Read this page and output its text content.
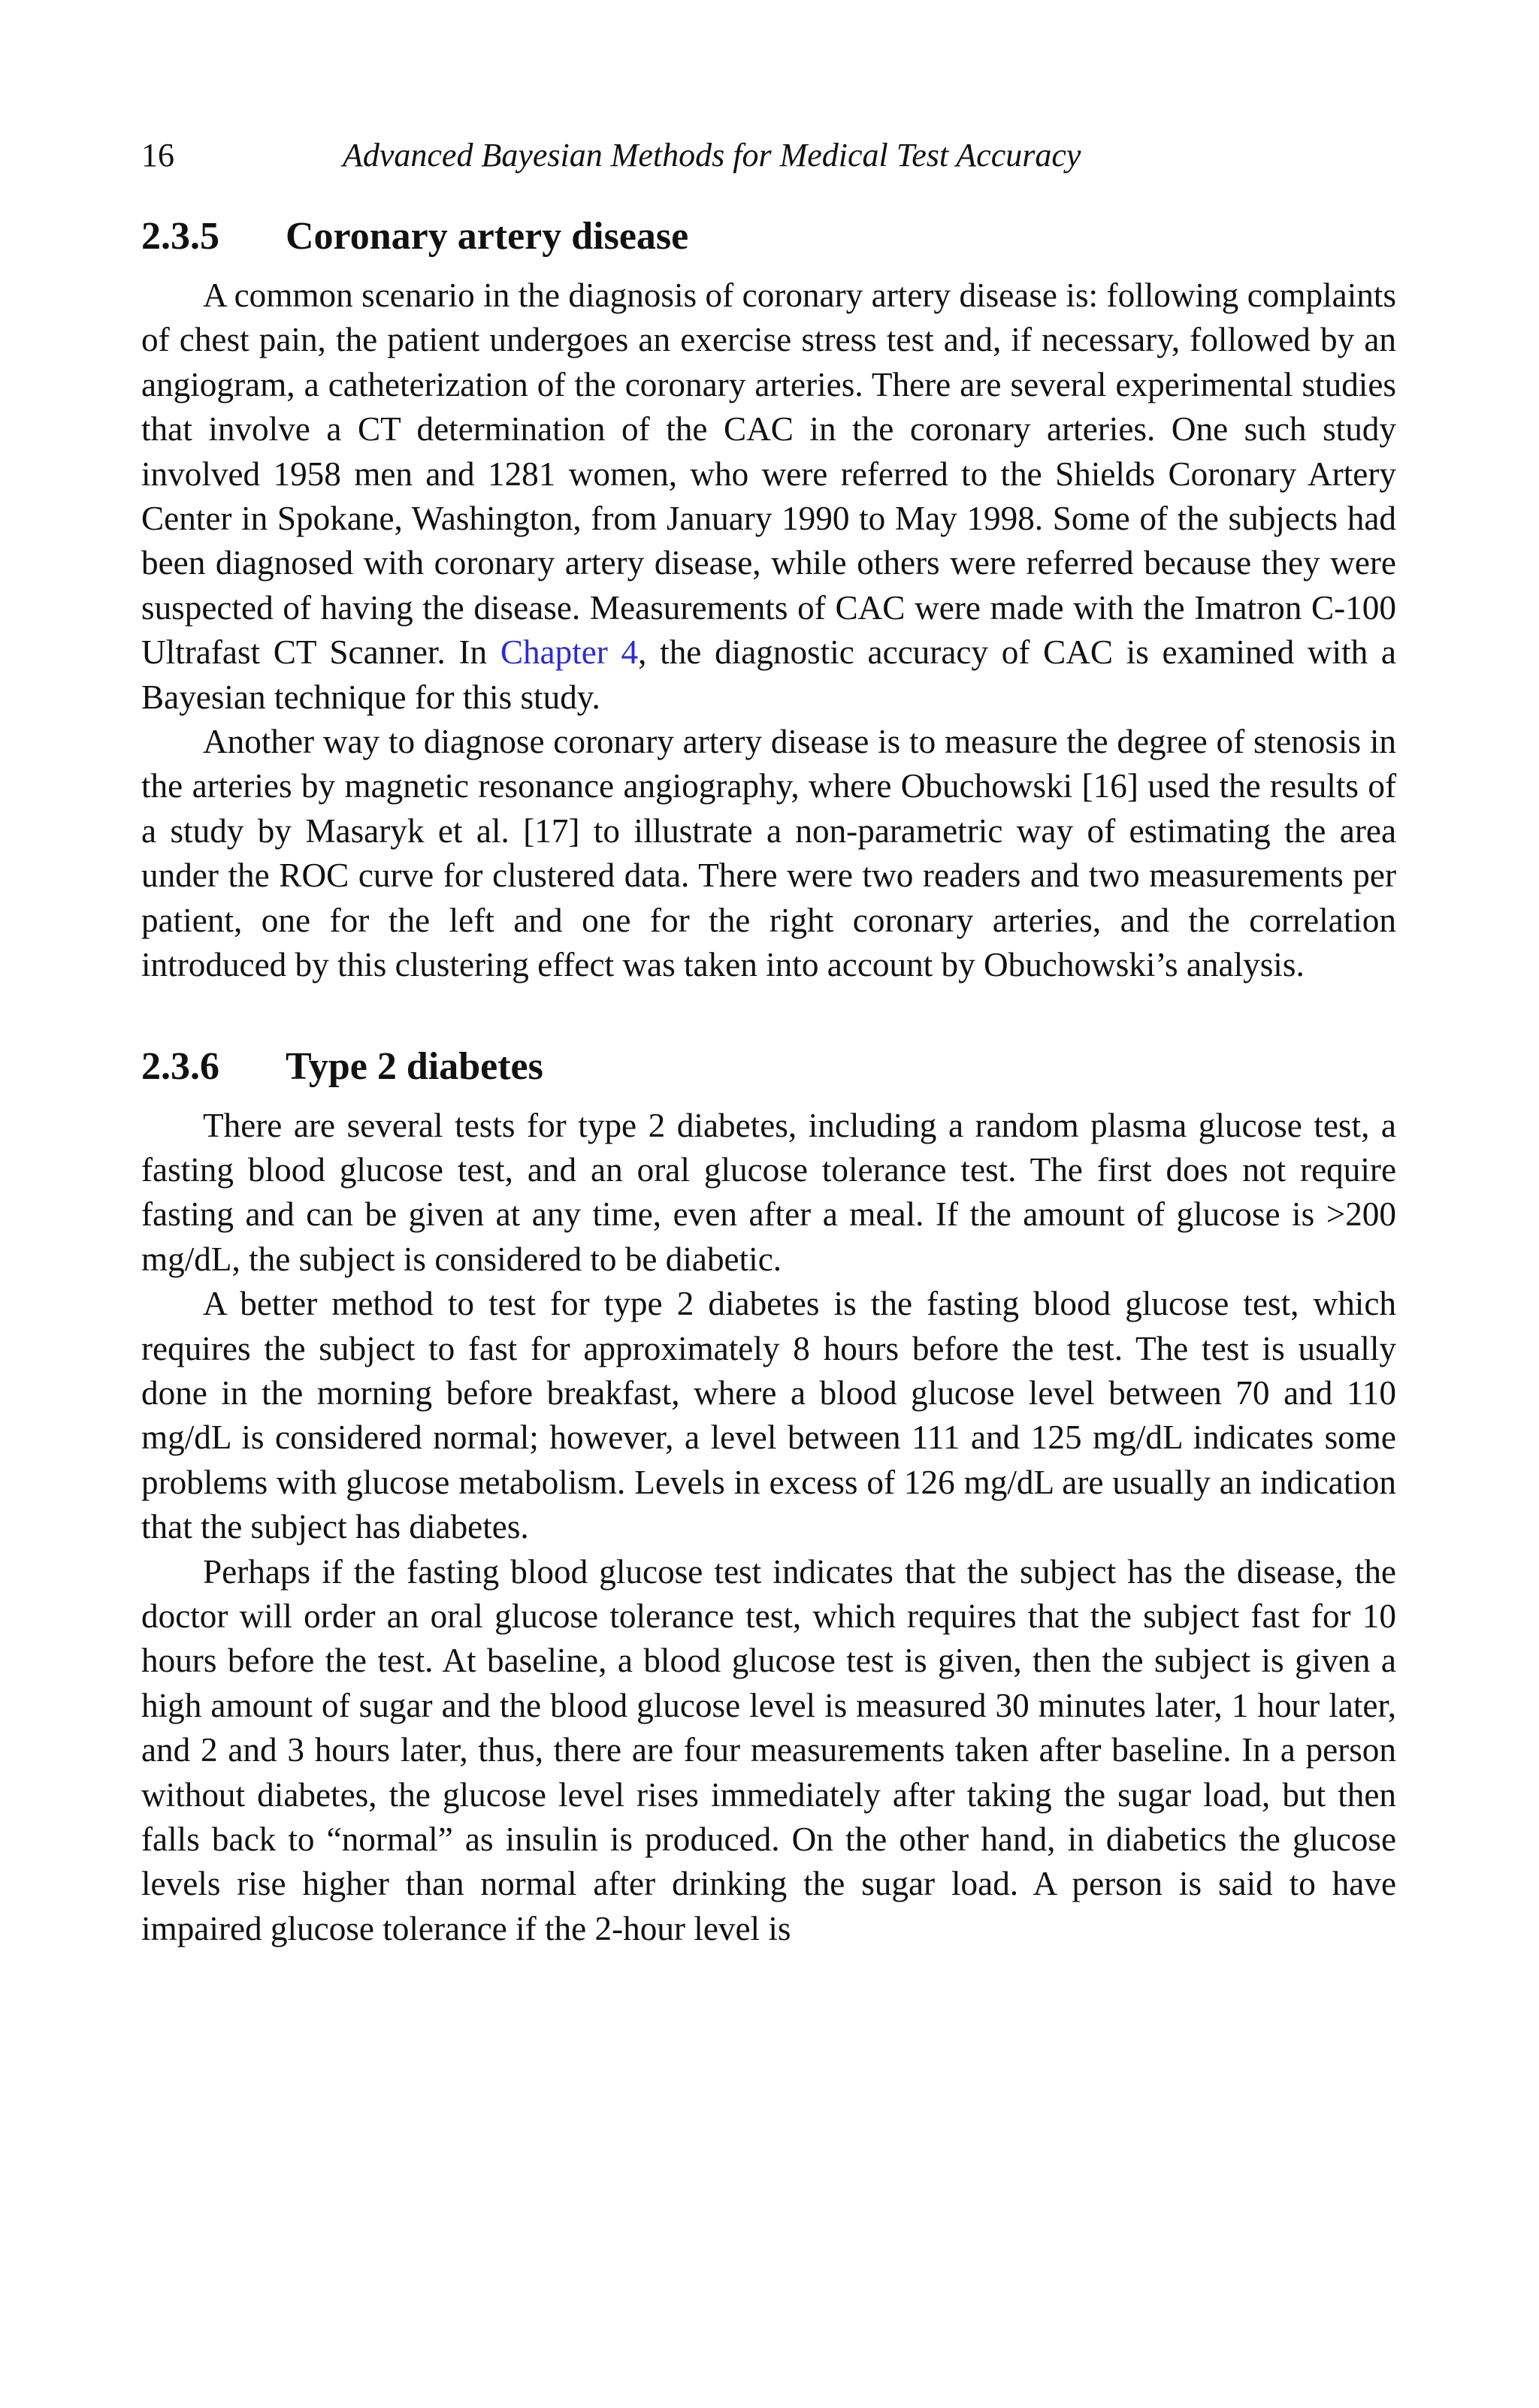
16	Advanced Bayesian Methods for Medical Test Accuracy
2.3.5 Coronary artery disease

A common scenario in the diagnosis of coronary artery disease is: following complaints of chest pain, the patient undergoes an exercise stress test and, if necessary, followed by an angiogram, a catheterization of the coronary arteries. There are several experimental studies that involve a CT determination of the CAC in the coronary arteries. One such study involved 1958 men and 1281 women, who were referred to the Shields Coronary Artery Center in Spokane, Washington, from January 1990 to May 1998. Some of the subjects had been diagnosed with coronary artery disease, while others were referred because they were suspected of having the disease. Measurements of CAC were made with the Imatron C-100 Ultrafast CT Scanner. In Chapter 4, the diagnostic accuracy of CAC is examined with a Bayesian technique for this study.

Another way to diagnose coronary artery disease is to measure the degree of stenosis in the arteries by magnetic resonance angiography, where Obuchowski [16] used the results of a study by Masaryk et al. [17] to illustrate a non-parametric way of estimating the area under the ROC curve for clustered data. There were two readers and two measurements per patient, one for the left and one for the right coronary arteries, and the correlation introduced by this clustering effect was taken into account by Obuchowski’s analysis.

2.3.6 Type 2 diabetes

There are several tests for type 2 diabetes, including a random plasma glucose test, a fasting blood glucose test, and an oral glucose tolerance test. The first does not require fasting and can be given at any time, even after a meal. If the amount of glucose is >200 mg/dL, the subject is considered to be diabetic.

A better method to test for type 2 diabetes is the fasting blood glucose test, which requires the subject to fast for approximately 8 hours before the test. The test is usually done in the morning before breakfast, where a blood glucose level between 70 and 110 mg/dL is considered normal; however, a level between 111 and 125 mg/dL indicates some problems with glucose metabolism. Levels in excess of 126 mg/dL are usually an indication that the subject has diabetes.

Perhaps if the fasting blood glucose test indicates that the subject has the disease, the doctor will order an oral glucose tolerance test, which requires that the subject fast for 10 hours before the test. At baseline, a blood glucose test is given, then the subject is given a high amount of sugar and the blood glucose level is measured 30 minutes later, 1 hour later, and 2 and 3 hours later, thus, there are four measurements taken after baseline. In a person without diabetes, the glucose level rises immediately after taking the sugar load, but then falls back to “normal” as insulin is produced. On the other hand, in diabetics the glucose levels rise higher than normal after drinking the sugar load. A person is said to have impaired glucose tolerance if the 2-hour level is
